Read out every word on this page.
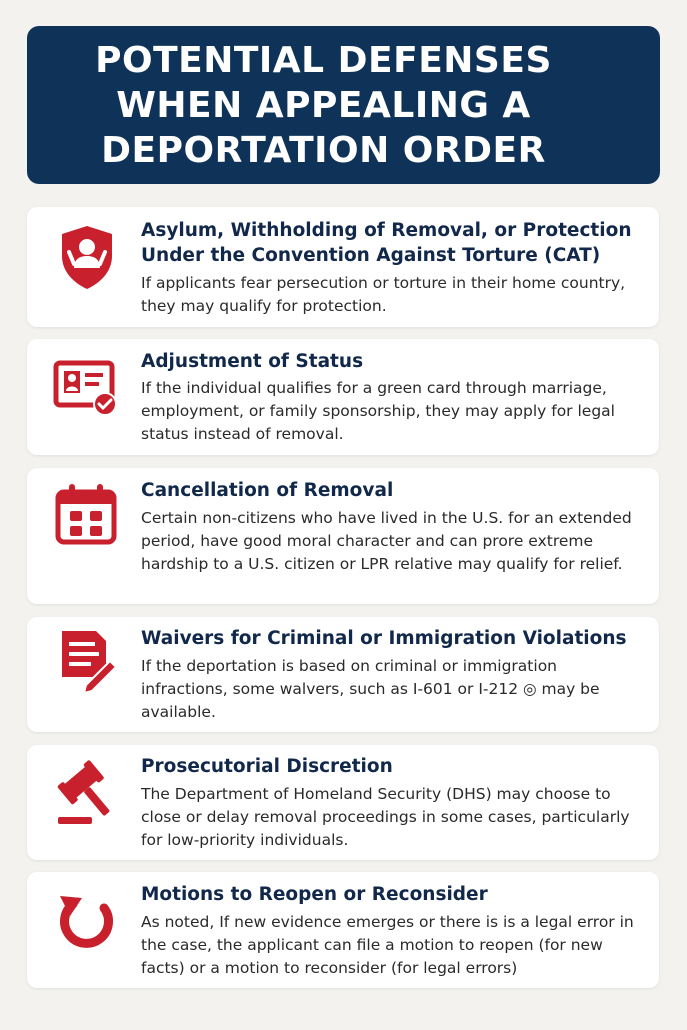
POTENTIAL DEFENSES WHEN APPEALING A DEPORTATION ORDER
Asylum, Withholding of Removal, or Protection Under the Convention Against Torture (CAT)

If applicants fear persecution or torture in their home country, they may qualify for protection.

Adjustment of Status

If the individual qualifies for a green card through marriage, employment, or family sponsorship, they may apply for legal status instead of removal.

Cancellation of Removal

Certain non-citizens who have lived in the U.S. for an extended period, have good moral character and can prore extreme hardship to a U.S. citizen or LPR relative may qualify for relief.

Waivers for Criminal or Immigration Violations

If the deportation is based on criminal or immigration infractions, some walvers, such as I-601 or I-212 ◎ may be available.

Prosecutorial Discretion

The Department of Homeland Security (DHS) may choose to close or delay removal proceedings in some cases, particularly for low-priority individuals.

Motions to Reopen or Reconsider

As noted, If new evidence emerges or there is is a legal error in the case, the applicant can file a motion to reopen (for new facts) or a motion to reconsider (for legal errors)
